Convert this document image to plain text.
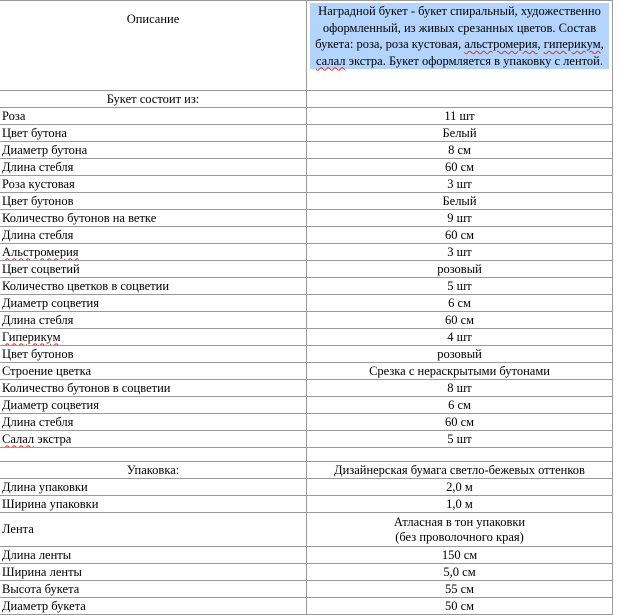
Описание	Наградной букет - букет спиральный, художественно оформленный, из живых срезанных цветов. Состав букета: роза, роза кустовая, альстромерия, гиперикум, салал экстра. Букет оформляется в упаковку с лентой.

Букет состоит из:	
Роза	11 шт
Цвет бутона	Белый
Диаметр бутона	8 см
Длина стебля	60 см
Роза кустовая	3 шт
Цвет бутонов	Белый
Количество бутонов на ветке	9 шт
Длина стебля	60 см
Альстромерия	3 шт
Цвет соцветий	розовый
Количество цветков в соцветии	5 шт
Диаметр соцветия	6 см
Длина стебля	60 см
Гиперикум	4 шт
Цвет бутонов	розовый
Строение цветка	Срезка с нераскрытыми бутонами
Количество бутонов в соцветии	8 шт
Диаметр соцветия	6 см
Длина стебля	60 см
Салал экстра	5 шт

Упаковка:	Дизайнерская бумага светло-бежевых оттенков
Длина упаковки	2,0 м
Ширина упаковки	1,0 м
Лента	Атласная в тон упаковки
(без проволочного края)

Длина ленты	150 см
Ширина ленты	5,0 см
Высота букета	55 см
Диаметр букета	50 см
